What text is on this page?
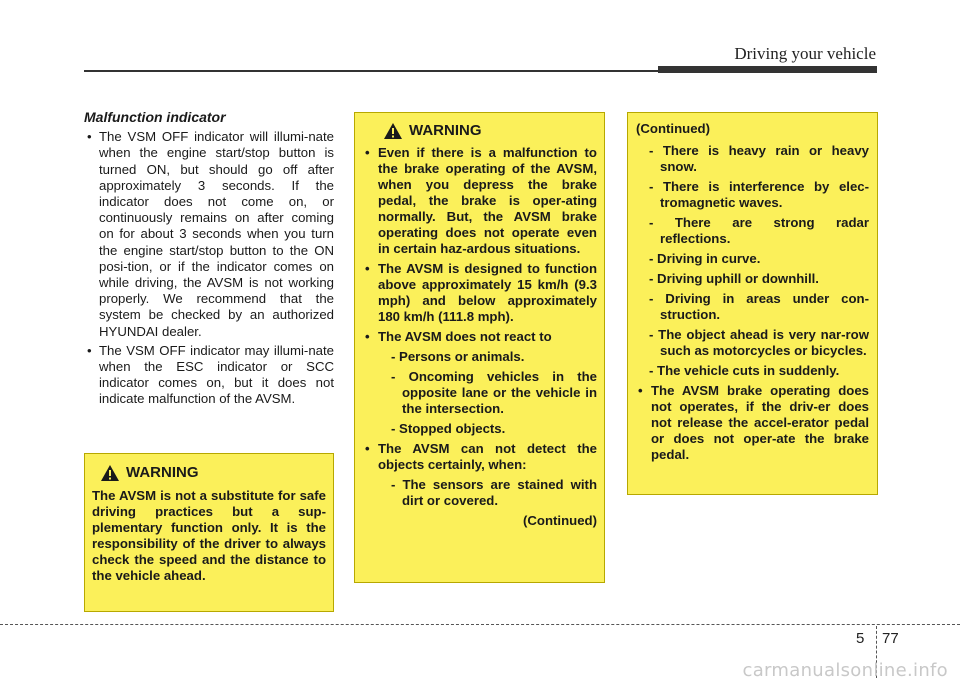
Driving your vehicle
Malfunction indicator
• The VSM OFF indicator will illumi-nate when the engine start/stop button is turned ON, but should go off after approximately 3 seconds. If the indicator does not come on, or continuously remains on after coming on for about 3 seconds when you turn the engine start/stop button to the ON posi-tion, or if the indicator comes on while driving, the AVSM is not working properly. We recommend that the system be checked by an authorized HYUNDAI dealer.
• The VSM OFF indicator may illumi-nate when the ESC indicator or SCC indicator comes on, but it does not indicate malfunction of the AVSM.
WARNING
The AVSM is not a substitute for safe driving practices but a sup-plementary function only. It is the responsibility of the driver to always check the speed and the distance to the vehicle ahead.
WARNING
• Even if there is a malfunction to the brake operating of the AVSM, when you depress the brake pedal, the brake is oper-ating normally. But, the AVSM brake operating does not operate even in certain haz-ardous situations.
• The AVSM is designed to function above approximately 15 km/h (9.3 mph) and below approximately 180 km/h (111.8 mph).
• The AVSM does not react to
- Persons or animals.
- Oncoming vehicles in the opposite lane or the vehicle in the intersection.
- Stopped objects.
• The AVSM can not detect the objects certainly, when:
- The sensors are stained with dirt or covered.
(Continued)
(Continued)
- There is heavy rain or heavy snow.
- There is interference by elec-tromagnetic waves.
- There are strong radar reflections.
- Driving in curve.
- Driving uphill or downhill.
- Driving in areas under con-struction.
- The object ahead is very nar-row such as motorcycles or bicycles.
- The vehicle cuts in suddenly.
• The AVSM brake operating does not operates, if the driv-er does not release the accel-erator pedal or does not oper-ate the brake pedal.
5 77
carmanualsonline.info
